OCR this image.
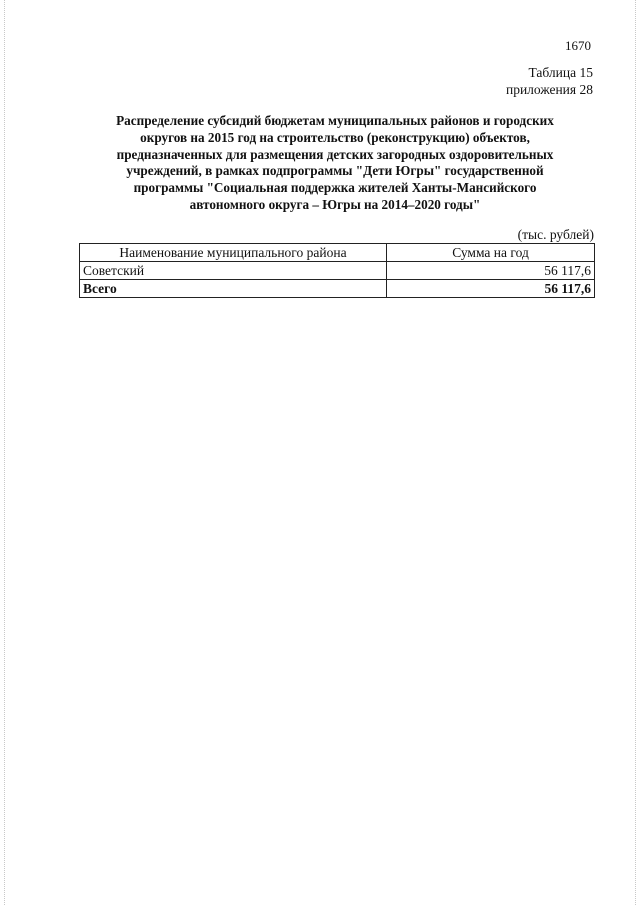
1670
Таблица 15
приложения 28
Распределение субсидий бюджетам муниципальных районов и городских
округов на 2015 год на строительство (реконструкцию) объектов,
предназначенных для размещения детских загородных оздоровительных
учреждений, в рамках подпрограммы "Дети Югры" государственной
программы "Социальная поддержка жителей Ханты-Мансийского
автономного округа – Югры на 2014–2020 годы"
(тыс. рублей)
Наименование муниципального района	Сумма на год
Советский	56 117,6
Всего	56 117,6
